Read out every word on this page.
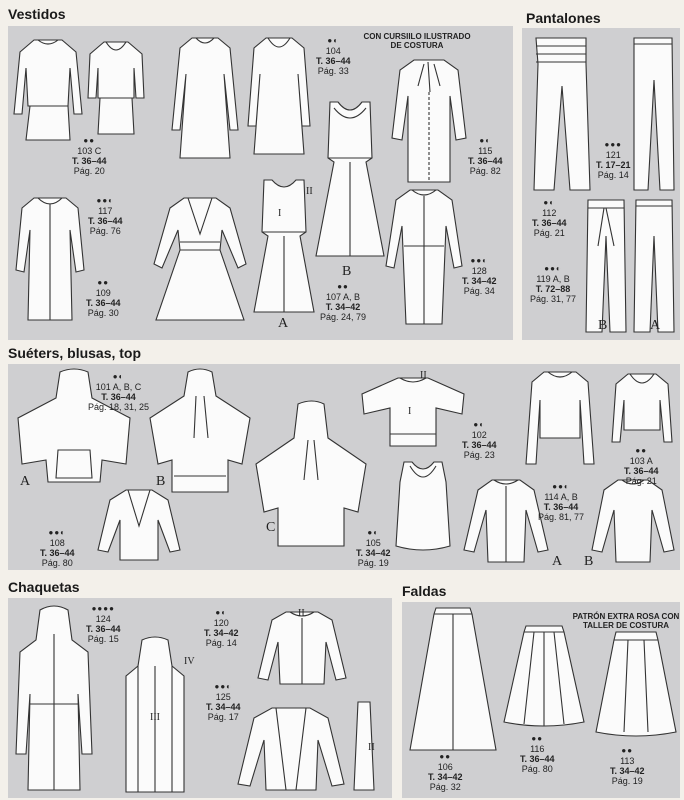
Vestidos	Pantalones
Suéters, blusas, top
Chaquetas	Faldas
CON CURSIILO ILUSTRADO DE COSTURA
PATRÓN EXTRA ROSA CON TALLER DE COSTURA
●●
103 C
T. 36–44
Pág. 20
●◐
104
T. 36–44
Pág. 33
●◐
115
T. 36–44
Pág. 82
●●◐
117
T. 36–44
Pág. 76
●●
109
T. 36–44
Pág. 30
●●
107 A, B
T. 34–42
Pág. 24, 79
●●◐
128
T. 34–42
Pág. 34
●●●
121
T. 17–21
Pág. 14
●◐
112
T. 36–44
Pág. 21
●●◐
119 A, B
T. 72–88
Pág. 31, 77
●◐
101 A, B, C
T. 36–44
Pág. 18, 31, 25
●◐
102
T. 36–44
Pág. 23	●●
103 A
T. 36–44
Pág. 21
●●◐
108
T. 36–44
Pág. 80
●◐
105
T. 34–42
Pág. 19
●●◐
114 A, B
T. 36–44
Pág. 81, 77
●●●●
124
T. 36–44
Pág. 15
●◐
120
T. 34–42
Pág. 14
●●◐
125
T. 34–44
Pág. 17
●●
106
T. 34–42
Pág. 32
●●
116
T. 36–44
Pág. 80
●●
113
T. 34–42
Pág. 19
A
B
B	A
A	B
C
A B
I
II
I
II
III
IV
II
II
